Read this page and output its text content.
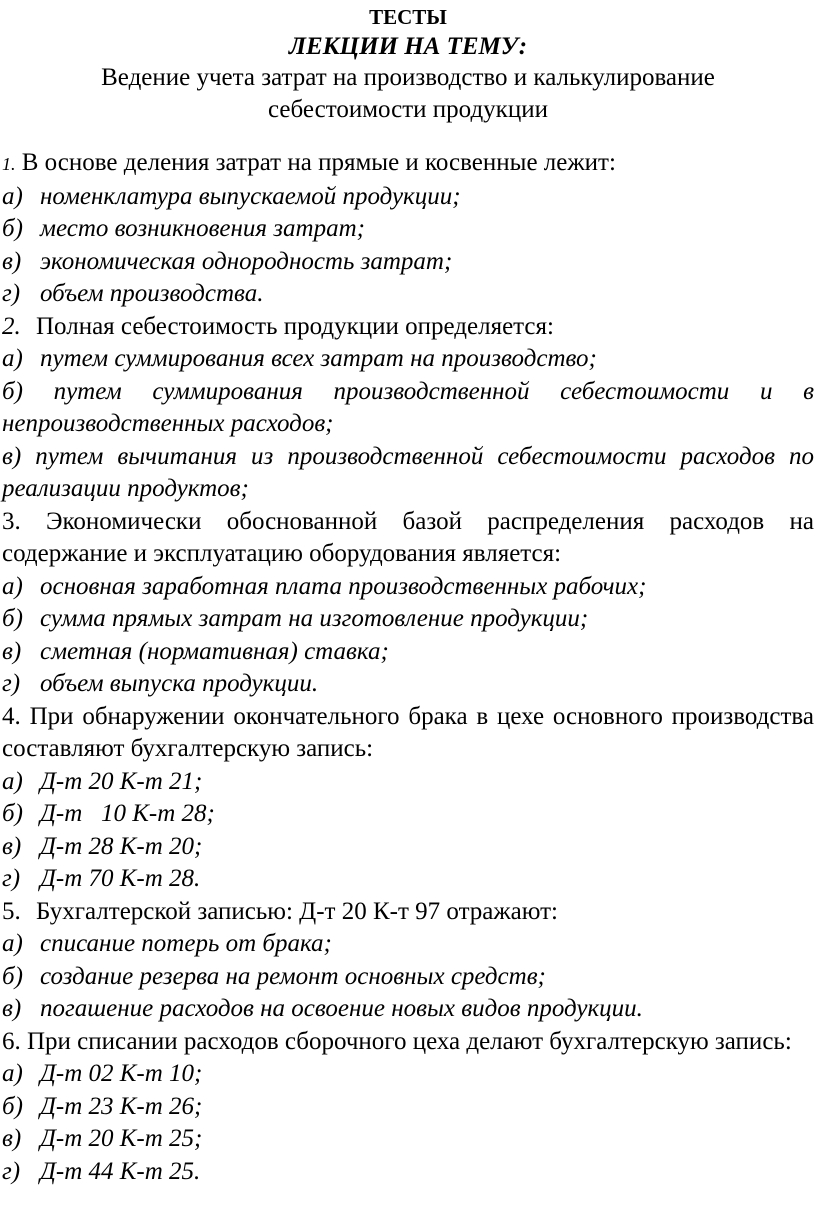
ТЕСТЫ
ЛЕКЦИИ НА ТЕМУ:
Ведение учета затрат на производство и калькулирование
себестоимости продукции
1. В основе деления затрат на прямые и косвенные лежит:
а) номенклатура выпускаемой продукции;
б) место возникновения затрат;
в) экономическая однородность затрат;
г) объем производства.
2. Полная себестоимость продукции определяется:
а) путем суммирования всех затрат на производство;
б) путем суммирования производственной себестоимости и в непроизводственных расходов;
в) путем вычитания из производственной себестоимости расходов по реализации продуктов;
3. Экономически обоснованной базой распределения расходов на содержание и эксплуатацию оборудования является:
а) основная заработная плата производственных рабочих;
б) сумма прямых затрат на изготовление продукции;
в) сметная (нормативная) ставка;
г) объем выпуска продукции.
4. При обнаружении окончательного брака в цехе основного производства составляют бухгалтерскую запись:
а) Д-т 20 К-т 21;
б) Д-т   10 К-т 28;
в) Д-т 28 К-т 20;
г) Д-т 70 К-т 28.
5. Бухгалтерской записью: Д-т 20 К-т 97 отражают:
а) списание потерь от брака;
б) создание резерва на ремонт основных средств;
в) погашение расходов на освоение новых видов продукции.
6. При списании расходов сборочного цеха делают бухгалтерскую запись:
а) Д-т 02 К-т 10;
б) Д-т 23 К-т 26;
в) Д-т 20 К-т 25;
г) Д-т 44 К-т 25.
